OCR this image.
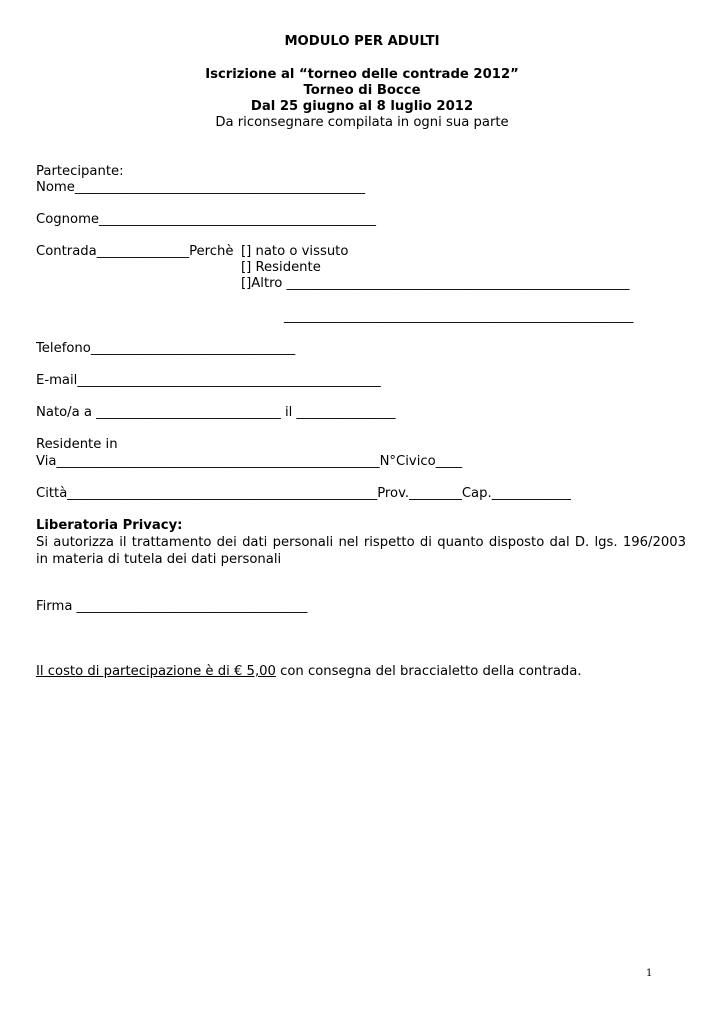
MODULO PER ADULTI
Iscrizione al “torneo delle contrade 2012”
Torneo di Bocce
Dal 25 giugno al 8 luglio 2012
Da riconsegnare compilata in ogni sua parte
Partecipante:
Nome____________________________________________
Cognome__________________________________________
Contrada______________Perchè [] nato o vissuto
[] Residente
[]Altro ____________________________________________________
_____________________________________________________
Telefono_______________________________
E-mail______________________________________________
Nato/a a ____________________________ il _______________
Residente in
Via_________________________________________________N°Civico____
Città_______________________________________________Prov.________Cap.____________
Liberatoria Privacy:
Si autorizza il trattamento dei dati personali nel rispetto di quanto disposto dal D. lgs. 196/2003 in materia di tutela dei dati personali
Firma ___________________________________
Il costo di partecipazione è di € 5,00 con consegna del braccialetto della contrada.
1
